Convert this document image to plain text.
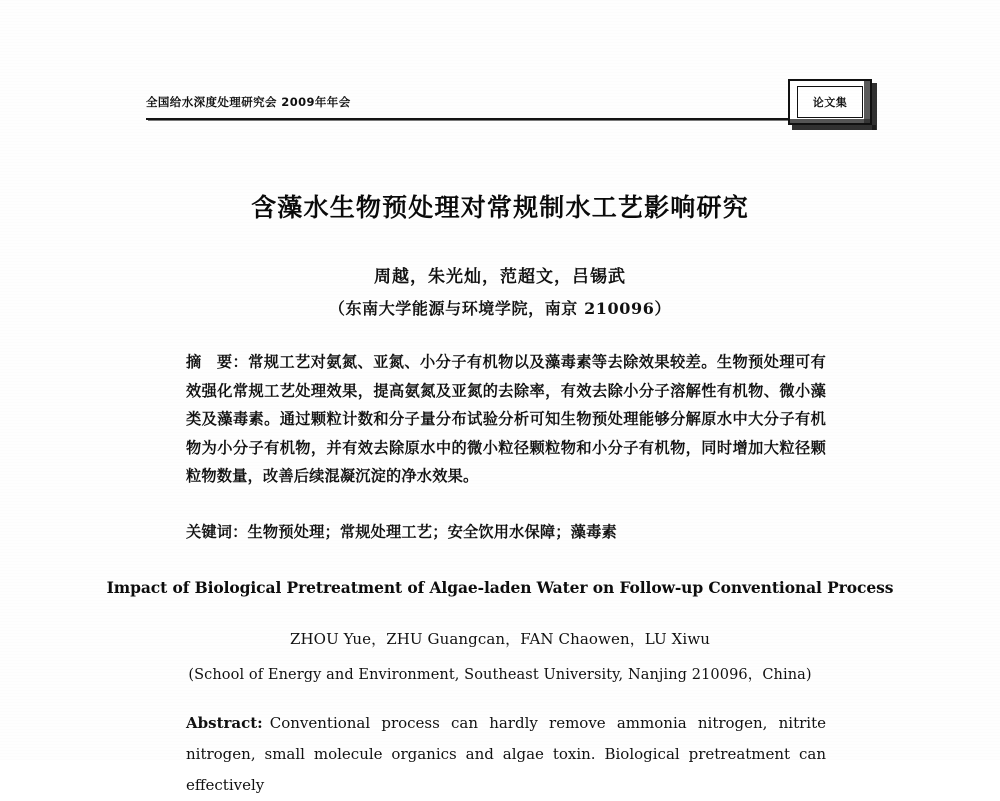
全国给水深度处理研究会 2009年年会	论文集
含藻水生物预处理对常规制水工艺影响研究
周越，朱光灿，范超文，吕锡武
（东南大学能源与环境学院，南京 210096）
摘 要：常规工艺对氨氮、亚氮、小分子有机物以及藻毒素等去除效果较差。生物预处理可有效强化常规工艺处理效果，提高氨氮及亚氮的去除率，有效去除小分子溶解性有机物、微小藻类及藻毒素。通过颗粒计数和分子量分布试验分析可知生物预处理能够分解原水中大分子有机物为小分子有机物，并有效去除原水中的微小粒径颗粒物和小分子有机物，同时增加大粒径颗粒物数量，改善后续混凝沉淀的净水效果。
关键词：生物预处理；常规处理工艺；安全饮用水保障；藻毒素
Impact of Biological Pretreatment of Algae-laden Water on Follow-up Conventional Process
ZHOU Yue，ZHU Guangcan，FAN Chaowen，LU Xiwu
(School of Energy and Environment, Southeast University, Nanjing 210096，China)
Abstract: Conventional process can hardly remove ammonia nitrogen, nitrite nitrogen, small molecule organics and algae toxin. Biological pretreatment can effectively
